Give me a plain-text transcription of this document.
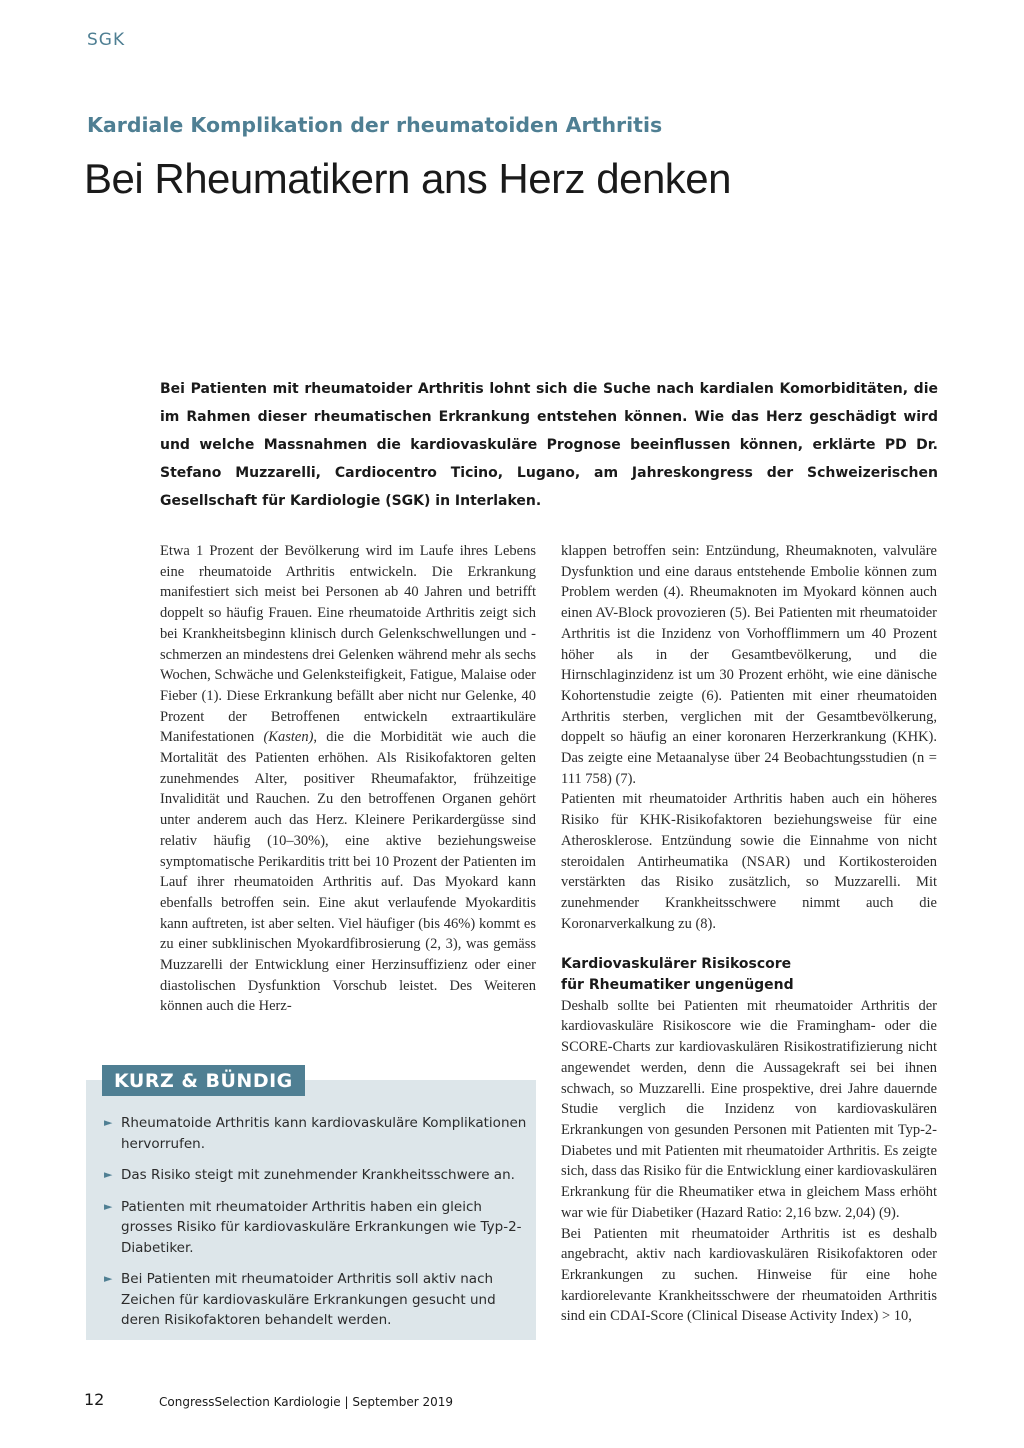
SGK
Kardiale Komplikation der rheumatoiden Arthritis
Bei Rheumatikern ans Herz denken

Bei Patienten mit rheumatoider Arthritis lohnt sich die Suche nach kardialen Komorbiditäten, die im Rahmen dieser rheumatischen Erkrankung entstehen können. Wie das Herz geschädigt wird und welche Massnahmen die kardiovaskuläre Prognose beeinflussen können, erklärte PD Dr. Stefano Muzzarelli, Cardiocentro Ticino, Lugano, am Jahreskongress der Schweizerischen Gesellschaft für Kardiologie (SGK) in Interlaken.

Etwa 1 Prozent der Bevölkerung wird im Laufe ihres Lebens eine rheumatoide Arthritis entwickeln. Die Erkrankung manifestiert sich meist bei Personen ab 40 Jahren und betrifft doppelt so häufig Frauen. Eine rheumatoide Arthritis zeigt sich bei Krankheitsbeginn klinisch durch Gelenkschwellungen und -schmerzen an mindestens drei Gelenken während mehr als sechs Wochen, Schwäche und Gelenksteifigkeit, Fatigue, Malaise oder Fieber (1). Diese Erkrankung befällt aber nicht nur Gelenke, 40 Prozent der Betroffenen entwickeln extraartikuläre Manifestationen (Kasten), die die Morbidität wie auch die Mortalität des Patienten erhöhen. Als Risikofaktoren gelten zunehmendes Alter, positiver Rheumafaktor, frühzeitige Invalidität und Rauchen. Zu den betroffenen Organen gehört unter anderem auch das Herz. Kleinere Perikardergüsse sind relativ häufig (10–30%), eine aktive beziehungsweise symptomatische Perikarditis tritt bei 10 Prozent der Patienten im Lauf ihrer rheumatoiden Arthritis auf. Das Myokard kann ebenfalls betroffen sein. Eine akut verlaufende Myokarditis kann auftreten, ist aber selten. Viel häufiger (bis 46%) kommt es zu einer subklinischen Myokardfibrosierung (2, 3), was gemäss Muzzarelli der Entwicklung einer Herzinsuffizienz oder einer diastolischen Dysfunktion Vorschub leistet. Des Weiteren können auch die Herz-

klappen betroffen sein: Entzündung, Rheumaknoten, valvuläre Dysfunktion und eine daraus entstehende Embolie können zum Problem werden (4). Rheumaknoten im Myokard können auch einen AV-Block provozieren (5). Bei Patienten mit rheumatoider Arthritis ist die Inzidenz von Vorhofflimmern um 40 Prozent höher als in der Gesamtbevölkerung, und die Hirnschlaginzidenz ist um 30 Prozent erhöht, wie eine dänische Kohortenstudie zeigte (6). Patienten mit einer rheumatoiden Arthritis sterben, verglichen mit der Gesamtbevölkerung, doppelt so häufig an einer koronaren Herzerkrankung (KHK). Das zeigte eine Metaanalyse über 24 Beobachtungsstudien (n = 111 758) (7).

Patienten mit rheumatoider Arthritis haben auch ein höheres Risiko für KHK-Risikofaktoren beziehungsweise für eine Atherosklerose. Entzündung sowie die Einnahme von nicht steroidalen Antirheumatika (NSAR) und Kortikosteroiden verstärkten das Risiko zusätzlich, so Muzzarelli. Mit zunehmender Krankheitsschwere nimmt auch die Koronarverkalkung zu (8).

Kardiovaskulärer Risikoscore
für Rheumatiker ungenügend

Deshalb sollte bei Patienten mit rheumatoider Arthritis der kardiovaskuläre Risikoscore wie die Framingham- oder die SCORE-Charts zur kardiovaskulären Risikostratifizierung nicht angewendet werden, denn die Aussagekraft sei bei ihnen schwach, so Muzzarelli. Eine prospektive, drei Jahre dauernde Studie verglich die Inzidenz von kardiovaskulären Erkrankungen von gesunden Personen mit Patienten mit Typ-2-Diabetes und mit Patienten mit rheumatoider Arthritis. Es zeigte sich, dass das Risiko für die Entwicklung einer kardiovaskulären Erkrankung für die Rheumatiker etwa in gleichem Mass erhöht war wie für Diabetiker (Hazard Ratio: 2,16 bzw. 2,04) (9).

Bei Patienten mit rheumatoider Arthritis ist es deshalb angebracht, aktiv nach kardiovaskulären Risikofaktoren oder Erkrankungen zu suchen. Hinweise für eine hohe kardiorelevante Krankheitsschwere der rheumatoiden Arthritis sind ein CDAI-Score (Clinical Disease Activity Index) > 10,

KURZ & BÜNDIG
► Rheumatoide Arthritis kann kardiovaskuläre Komplikationen hervorrufen.
► Das Risiko steigt mit zunehmender Krankheitsschwere an.
► Patienten mit rheumatoider Arthritis haben ein gleich grosses Risiko für kardiovaskuläre Erkrankungen wie Typ-2-Diabetiker.
► Bei Patienten mit rheumatoider Arthritis soll aktiv nach Zeichen für kardiovaskuläre Erkrankungen gesucht und deren Risikofaktoren behandelt werden.
12	CongressSelection Kardiologie | September 2019
